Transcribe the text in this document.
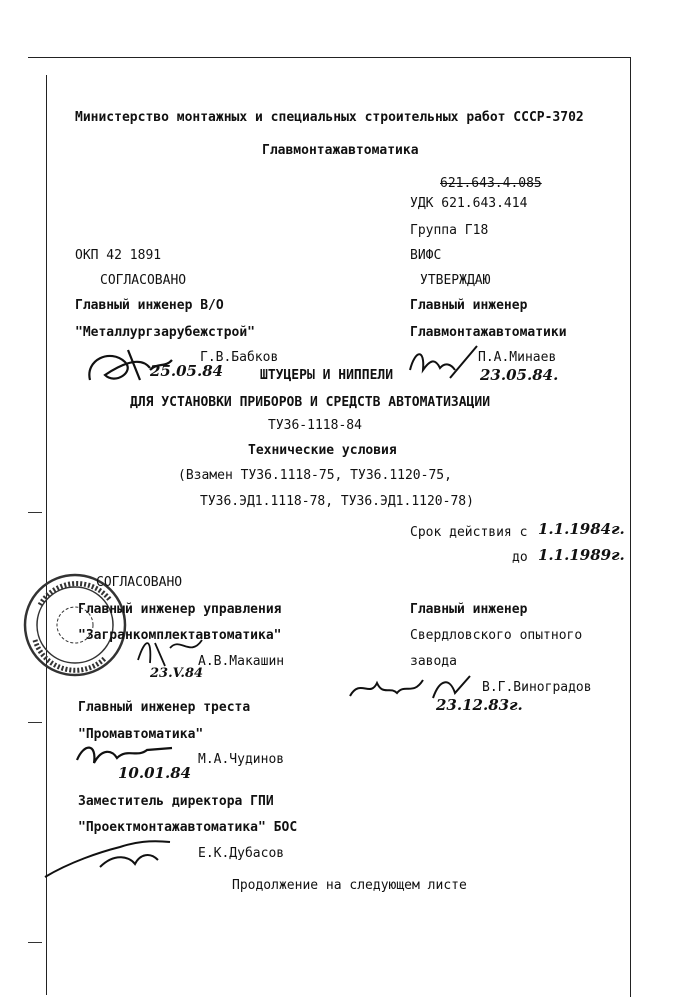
Министерство монтажных и специальных строительных работ СССР-3702
Главмонтажавтоматика
621.643.4.085
УДК 621.643.414
Группа Г18
ОКП 42 1891	ВИФС
СОГЛАСОВАНО
Главный инженер В/О
"Металлургзарубежстрой"
Г.В.Бабков
25.05.84
УТВЕРЖДАЮ
Главный инженер
Главмонтажавтоматики
П.А.Минаев
23.05.84.
ШТУЦЕРЫ И НИППЕЛИ
ДЛЯ УСТАНОВКИ ПРИБОРОВ И СРЕДСТВ АВТОМАТИЗАЦИИ
ТУ36-1118-84
Технические условия
(Взамен ТУ36.1118-75, ТУ36.1120-75,
ТУ36.ЭД1.1118-78, ТУ36.ЭД1.1120-78)
Срок действия с 1.1.1984г.
до 1.1.1989г.
СОГЛАСОВАНО
Главный инженер управления
"Загранкомплектавтоматика"
А.В.Макашин
23.V.84
Главный инженер
Свердловского опытного
завода
В.Г.Виноградов
23.12.83г.
Главный инженер треста
"Промавтоматика"
М.А.Чудинов
10.01.84
Заместитель директора ГПИ
"Проектмонтажавтоматика" БОС
Е.К.Дубасов
Продолжение на следующем листе
